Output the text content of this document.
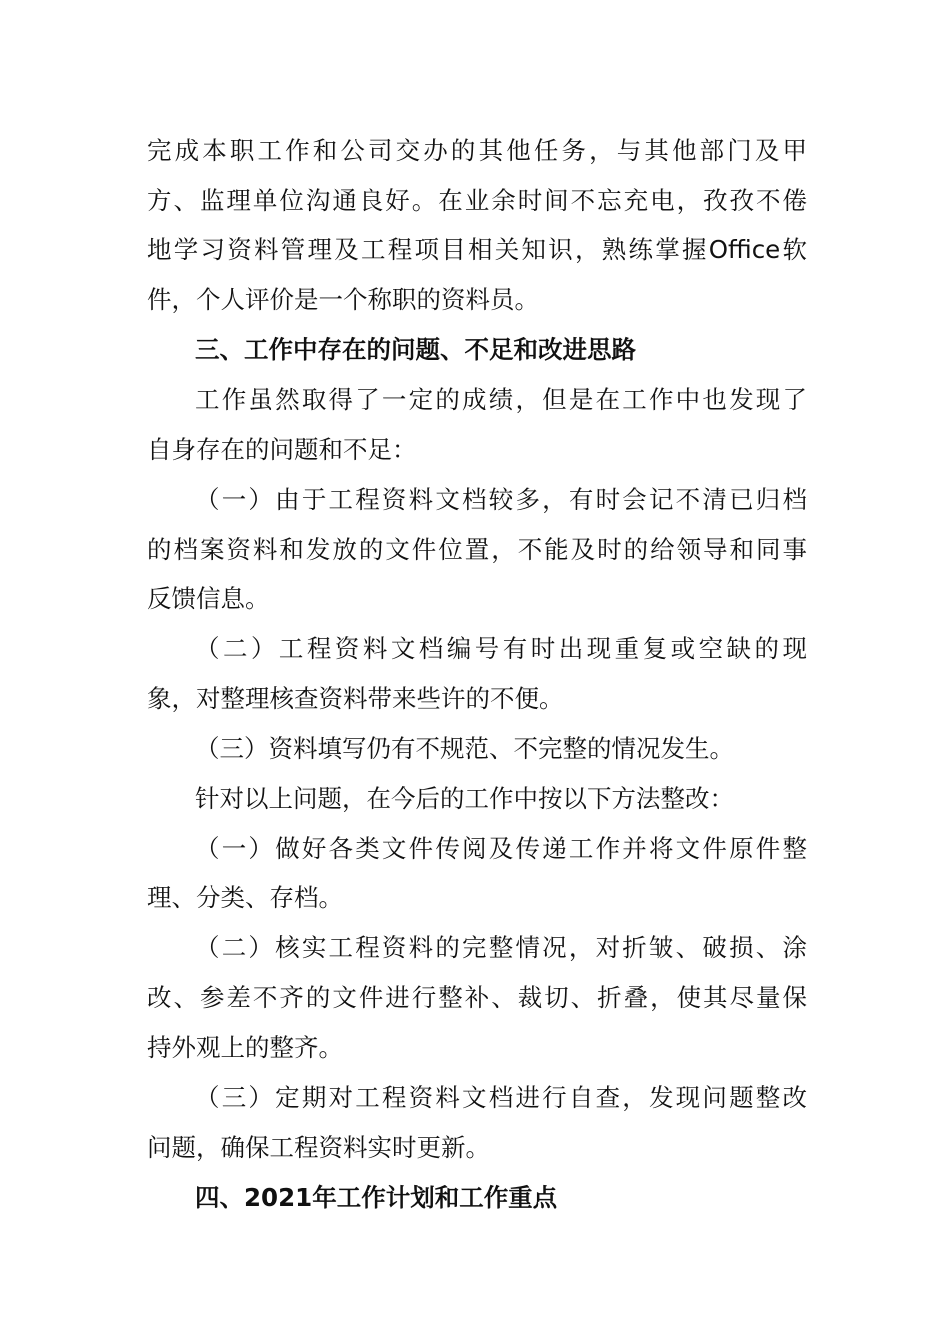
完成本职工作和公司交办的其他任务，与其他部门及甲
方、监理单位沟通良好。在业余时间不忘充电，孜孜不倦
地学习资料管理及工程项目相关知识，熟练掌握Office软
件，个人评价是一个称职的资料员。
三、工作中存在的问题、不足和改进思路
工作虽然取得了一定的成绩，但是在工作中也发现了
自身存在的问题和不足：
（一）由于工程资料文档较多，有时会记不清已归档
的档案资料和发放的文件位置，不能及时的给领导和同事
反馈信息。
（二）工程资料文档编号有时出现重复或空缺的现
象，对整理核查资料带来些许的不便。
（三）资料填写仍有不规范、不完整的情况发生。
针对以上问题，在今后的工作中按以下方法整改：
（一）做好各类文件传阅及传递工作并将文件原件整
理、分类、存档。
（二）核实工程资料的完整情况，对折皱、破损、涂
改、参差不齐的文件进行整补、裁切、折叠，使其尽量保
持外观上的整齐。
（三）定期对工程资料文档进行自查，发现问题整改
问题，确保工程资料实时更新。
四、2021年工作计划和工作重点
